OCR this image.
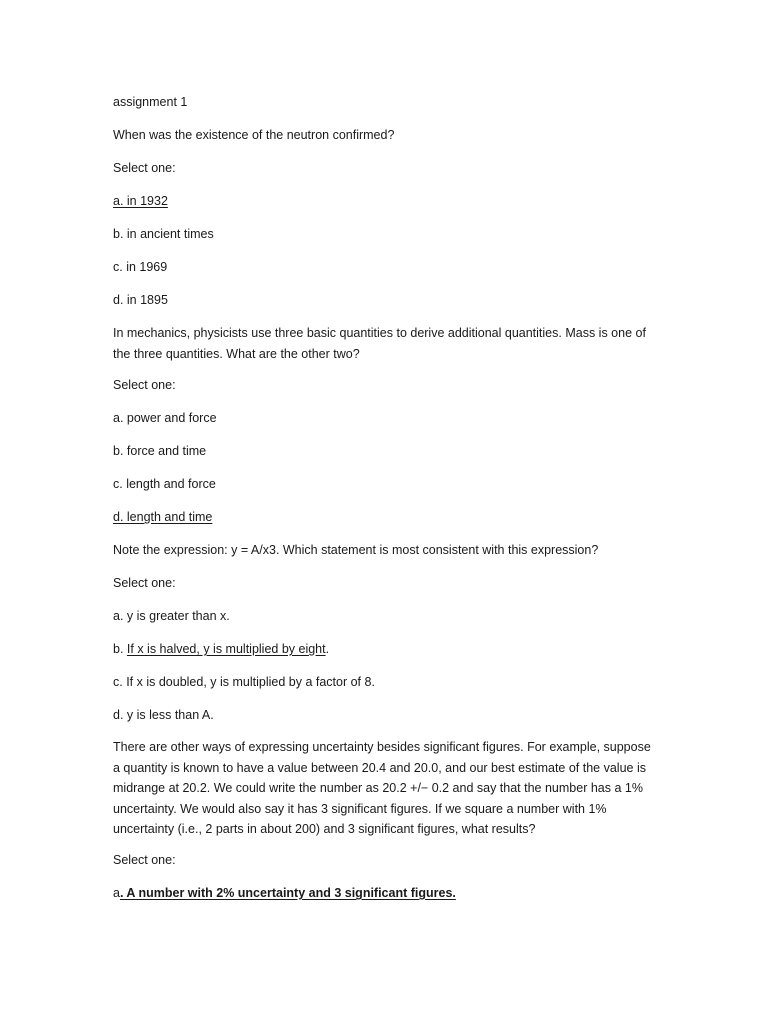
assignment 1
When was the existence of the neutron confirmed?
Select one:
a. in 1932
b. in ancient times
c. in 1969
d. in 1895
In mechanics, physicists use three basic quantities to derive additional quantities. Mass is one of the three quantities. What are the other two?
Select one:
a. power and force
b. force and time
c. length and force
d. length and time
Note the expression: y = A/x3. Which statement is most consistent with this expression?
Select one:
a. y is greater than x.
b. If x is halved, y is multiplied by eight.
c. If x is doubled, y is multiplied by a factor of 8.
d. y is less than A.
There are other ways of expressing uncertainty besides significant figures. For example, suppose a quantity is known to have a value between 20.4 and 20.0, and our best estimate of the value is midrange at 20.2. We could write the number as 20.2 +/− 0.2 and say that the number has a 1% uncertainty. We would also say it has 3 significant figures. If we square a number with 1% uncertainty (i.e., 2 parts in about 200) and 3 significant figures, what results?
Select one:
a. A number with 2% uncertainty and 3 significant figures.
